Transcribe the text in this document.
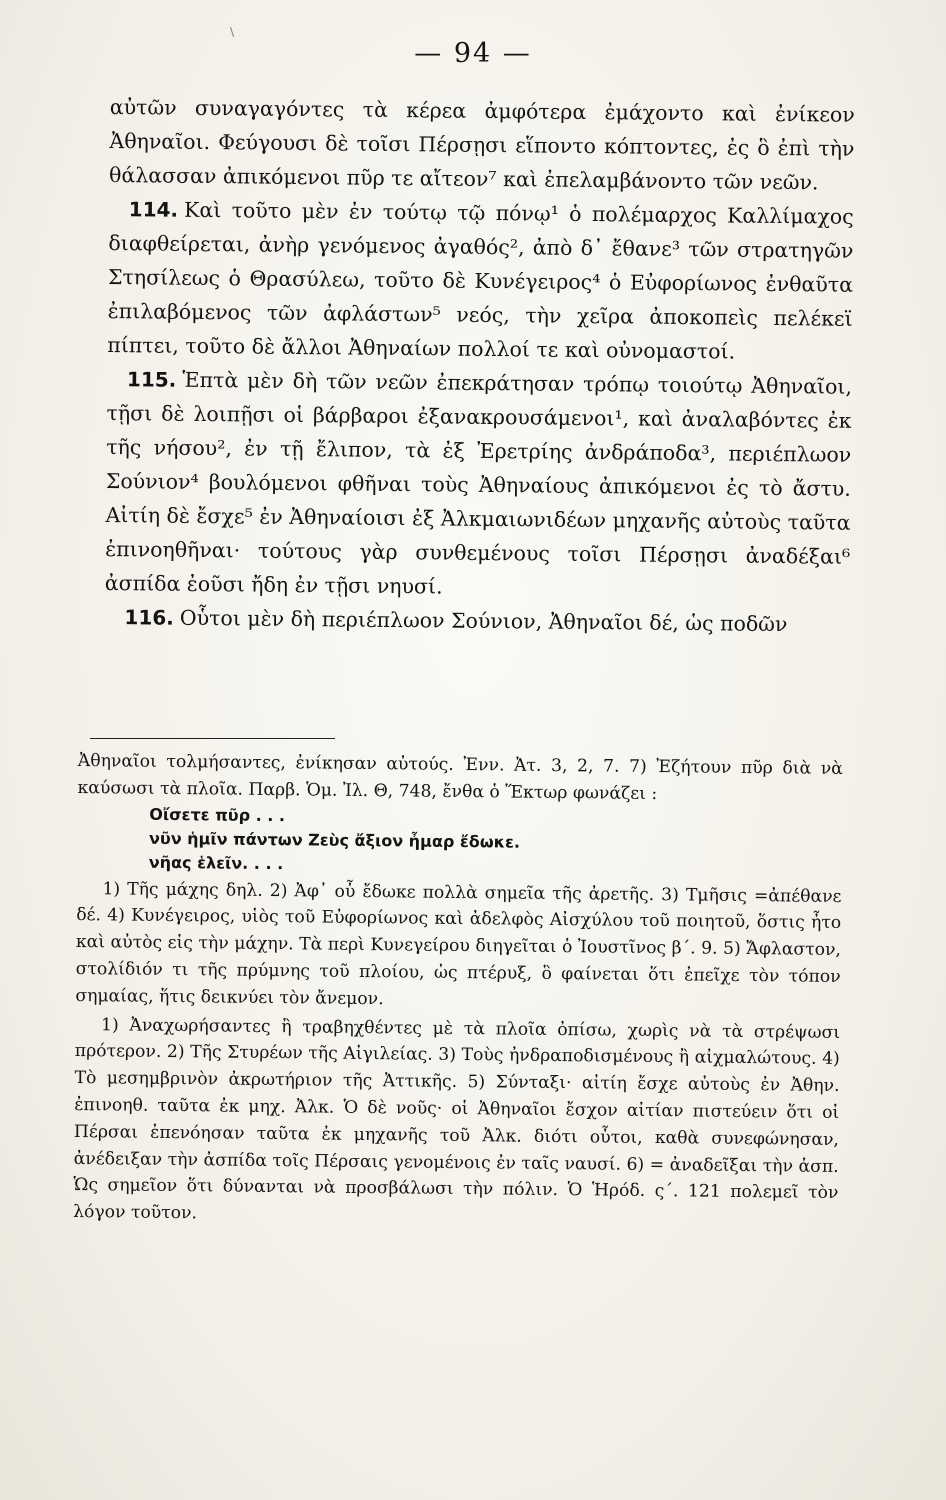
\
— 94 —

αὐτῶν συναγαγόντες τὰ κέρεα ἀμφότερα ἐμάχοντο καὶ ἐνίκεον Ἀθηναῖοι. Φεύγουσι δὲ τοῖσι Πέρσῃσι εἵποντο κόπτοντες, ἐς ὃ ἐπὶ τὴν θάλασσαν ἀπικόμενοι πῦρ τε αἴτεον⁷ καὶ ἐπελαμβάνοντο τῶν νεῶν.

114. Καὶ τοῦτο μὲν ἐν τούτῳ τῷ πόνῳ¹ ὁ πολέμαρχος Καλλίμαχος διαφθείρεται, ἀνὴρ γενόμενος ἀγαθός², ἀπὸ δ᾽ ἔθανε³ τῶν στρατηγῶν Στησίλεως ὁ Θρασύλεω, τοῦτο δὲ Κυνέγειρος⁴ ὁ Εὐφορίωνος ἐνθαῦτα ἐπιλαβόμενος τῶν ἀφλάστων⁵ νεός, τὴν χεῖρα ἀποκοπεὶς πελέκεϊ πίπτει, τοῦτο δὲ ἄλλοι Ἀθηναίων πολλοί τε καὶ οὐνομαστοί.

115. Ἑπτὰ μὲν δὴ τῶν νεῶν ἐπεκράτησαν τρόπῳ τοιούτῳ Ἀθηναῖοι, τῇσι δὲ λοιπῇσι οἱ βάρβαροι ἐξανακρουσάμενοι¹, καὶ ἀναλαβόντες ἐκ τῆς νήσου², ἐν τῇ ἔλιπον, τὰ ἐξ Ἐρετρίης ἀνδράποδα³, περιέπλωον Σούνιον⁴ βουλόμενοι φθῆναι τοὺς Ἀθηναίους ἀπικόμενοι ἐς τὸ ἄστυ. Αἰτίη δὲ ἔσχε⁵ ἐν Ἀθηναίοισι ἐξ Ἀλκμαιωνιδέων μηχανῆς αὐτοὺς ταῦτα ἐπινοηθῆναι· τούτους γὰρ συνθεμένους τοῖσι Πέρσῃσι ἀναδέξαι⁶ ἀσπίδα ἐοῦσι ἤδη ἐν τῇσι νηυσί.

116. Οὗτοι μὲν δὴ περιέπλωον Σούνιον, Ἀθηναῖοι δέ, ὡς ποδῶν

Ἀθηναῖοι τολμήσαντες, ἐνίκησαν αὐτούς. Ἐνν. Ἀτ. 3, 2, 7. 7) Ἐζήτουν πῦρ διὰ νὰ καύσωσι τὰ πλοῖα. Παρβ. Ὁμ. Ἰλ. Θ, 748, ἔνθα ὁ Ἕκτωρ φωνάζει :

Οἴσετε πῦρ . . .

νῦν ἡμῖν πάντων Ζεὺς ἄξιον ἦμαρ ἔδωκε.

νῆας ἑλεῖν. . . .

1) Τῆς μάχης δηλ. 2) Ἀφ᾽ οὗ ἔδωκε πολλὰ σημεῖα τῆς ἀρετῆς. 3) Τμῆσις =ἀπέθανε δέ. 4) Κυνέγειρος, υἱὸς τοῦ Εὐφορίωνος καὶ ἀδελφὸς Αἰσχύλου τοῦ ποιητοῦ, ὅστις ἦτο καὶ αὐτὸς εἰς τὴν μάχην. Τὰ περὶ Κυνεγείρου διηγεῖται ὁ Ἰουστῖνος β´. 9. 5) Ἄφλαστον, στολίδιόν τι τῆς πρύμνης τοῦ πλοίου, ὡς πτέρυξ, ὃ φαίνεται ὅτι ἐπεῖχε τὸν τόπον σημαίας, ἥτις δεικνύει τὸν ἄνεμον.

1) Ἀναχωρήσαντες ἢ τραβηχθέντες μὲ τὰ πλοῖα ὀπίσω, χωρὶς νὰ τὰ στρέψωσι πρότερον. 2) Τῆς Στυρέων τῆς Αἰγιλείας. 3) Τοὺς ἠνδραποδισμένους ἢ αἰχμαλώτους. 4) Τὸ μεσημβρινὸν ἀκρωτήριον τῆς Ἀττικῆς. 5) Σύνταξι· αἰτίη ἔσχε αὐτοὺς ἐν Ἀθην. ἐπινοηθ. ταῦτα ἐκ μηχ. Ἀλκ. Ὁ δὲ νοῦς· οἱ Ἀθηναῖοι ἔσχον αἰτίαν πιστεύειν ὅτι οἱ Πέρσαι ἐπενόησαν ταῦτα ἐκ μηχανῆς τοῦ Ἀλκ. διότι οὗτοι, καθὰ συνεφώνησαν, ἀνέδειξαν τὴν ἀσπίδα τοῖς Πέρσαις γενομένοις ἐν ταῖς ναυσί. 6) = ἀναδεῖξαι τὴν ἀσπ. Ὡς σημεῖον ὅτι δύνανται νὰ προσβάλωσι τὴν πόλιν. Ὁ Ἡρόδ. ς´. 121 πολεμεῖ τὸν λόγον τοῦτον.
